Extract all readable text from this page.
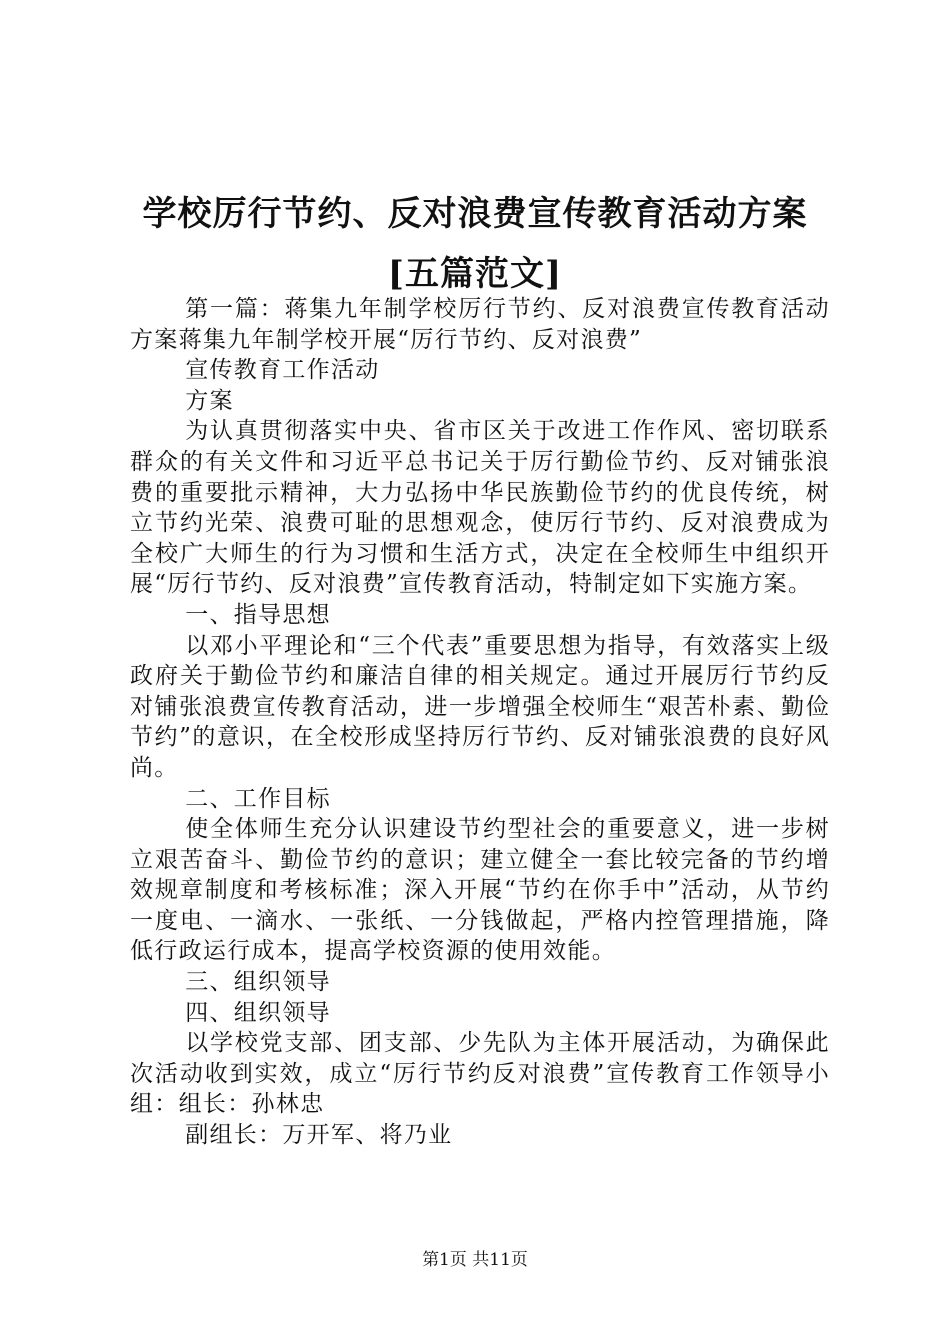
学校厉行节约、反对浪费宣传教育活动方案
[五篇范文]

第一篇：蒋集九年制学校厉行节约、反对浪费宣传教育活动方案蒋集九年制学校开展“厉行节约、反对浪费”

宣传教育工作活动

方案

为认真贯彻落实中央、省市区关于改进工作作风、密切联系群众的有关文件和习近平总书记关于厉行勤俭节约、反对铺张浪费的重要批示精神，大力弘扬中华民族勤俭节约的优良传统，树立节约光荣、浪费可耻的思想观念，使厉行节约、反对浪费成为全校广大师生的行为习惯和生活方式，决定在全校师生中组织开展“厉行节约、反对浪费”宣传教育活动，特制定如下实施方案。

一、指导思想

以邓小平理论和“三个代表”重要思想为指导，有效落实上级政府关于勤俭节约和廉洁自律的相关规定。通过开展厉行节约反对铺张浪费宣传教育活动，进一步增强全校师生“艰苦朴素、勤俭节约”的意识，在全校形成坚持厉行节约、反对铺张浪费的良好风尚。

二、工作目标

使全体师生充分认识建设节约型社会的重要意义，进一步树立艰苦奋斗、勤俭节约的意识；建立健全一套比较完备的节约增效规章制度和考核标准；深入开展“节约在你手中”活动，从节约一度电、一滴水、一张纸、一分钱做起，严格内控管理措施，降低行政运行成本，提高学校资源的使用效能。

三、组织领导

四、组织领导

以学校党支部、团支部、少先队为主体开展活动，为确保此次活动收到实效，成立“厉行节约反对浪费”宣传教育工作领导小组：组长：孙林忠

副组长：万开军、将乃业

第1页 共11页
